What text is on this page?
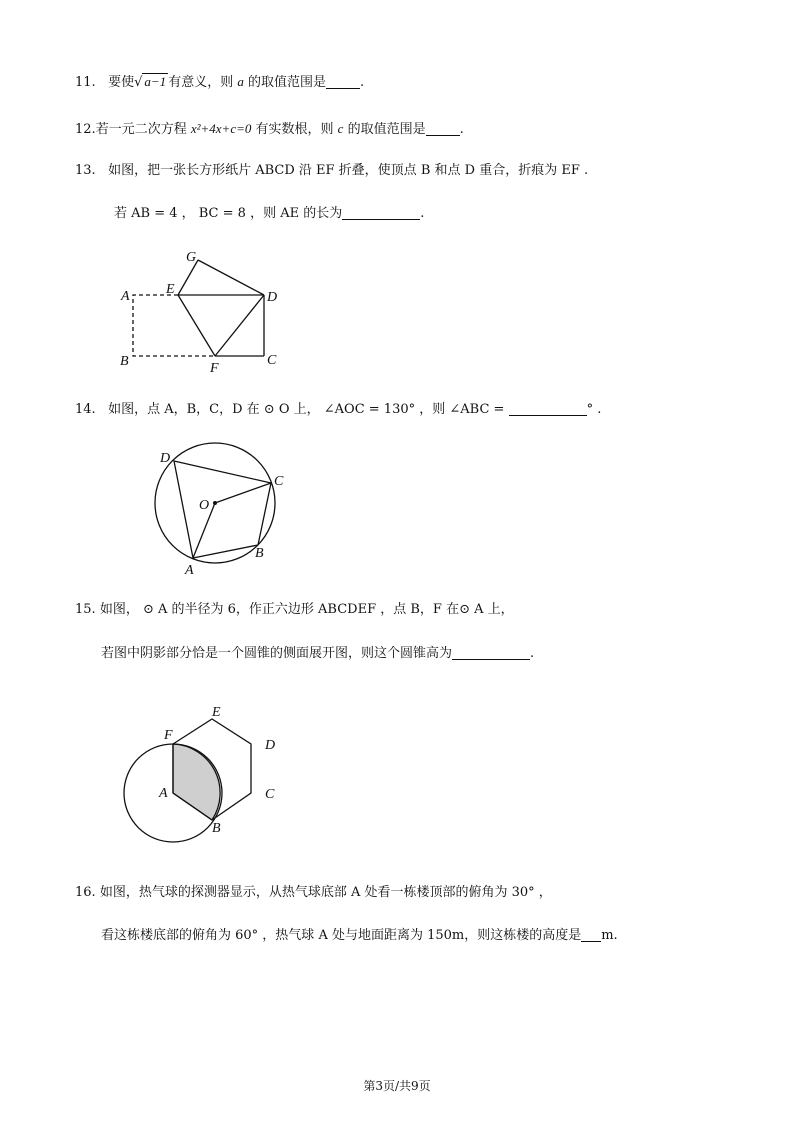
11. 要使√ a−1 有意义，则 a 的取值范围是	.
12.若一元二次方程 x²+4x+c=0 有实数根，则 c 的取值范围是	.
13. 如图，把一张长方形纸片 ABCD 沿 EF 折叠，使顶点 B 和点 D 重合，折痕为 EF .
若 AB = 4 ， BC = 8 ，则 AE 的长为	.
G
E
A	D
B	F
C
14. 如图，点 A，B，C，D 在 ⊙ O 上， ∠AOC = 130° ，则 ∠ABC =	° .
D
C
O
B
A
15. 如图， ⊙ A 的半径为 6，作正六边形 ABCDEF ，点 B，F 在⊙ A 上，
若图中阴影部分恰是一个圆锥的侧面展开图，则这个圆锥高为	.
E
F
D
A	C
B
16. 如图，热气球的探测器显示，从热气球底部 A 处看一栋楼顶部的俯角为 30° ，
看这栋楼底部的俯角为 60° ，热气球 A 处与地面距离为 150m，则这栋楼的高度是 m.
第3页/共9页
